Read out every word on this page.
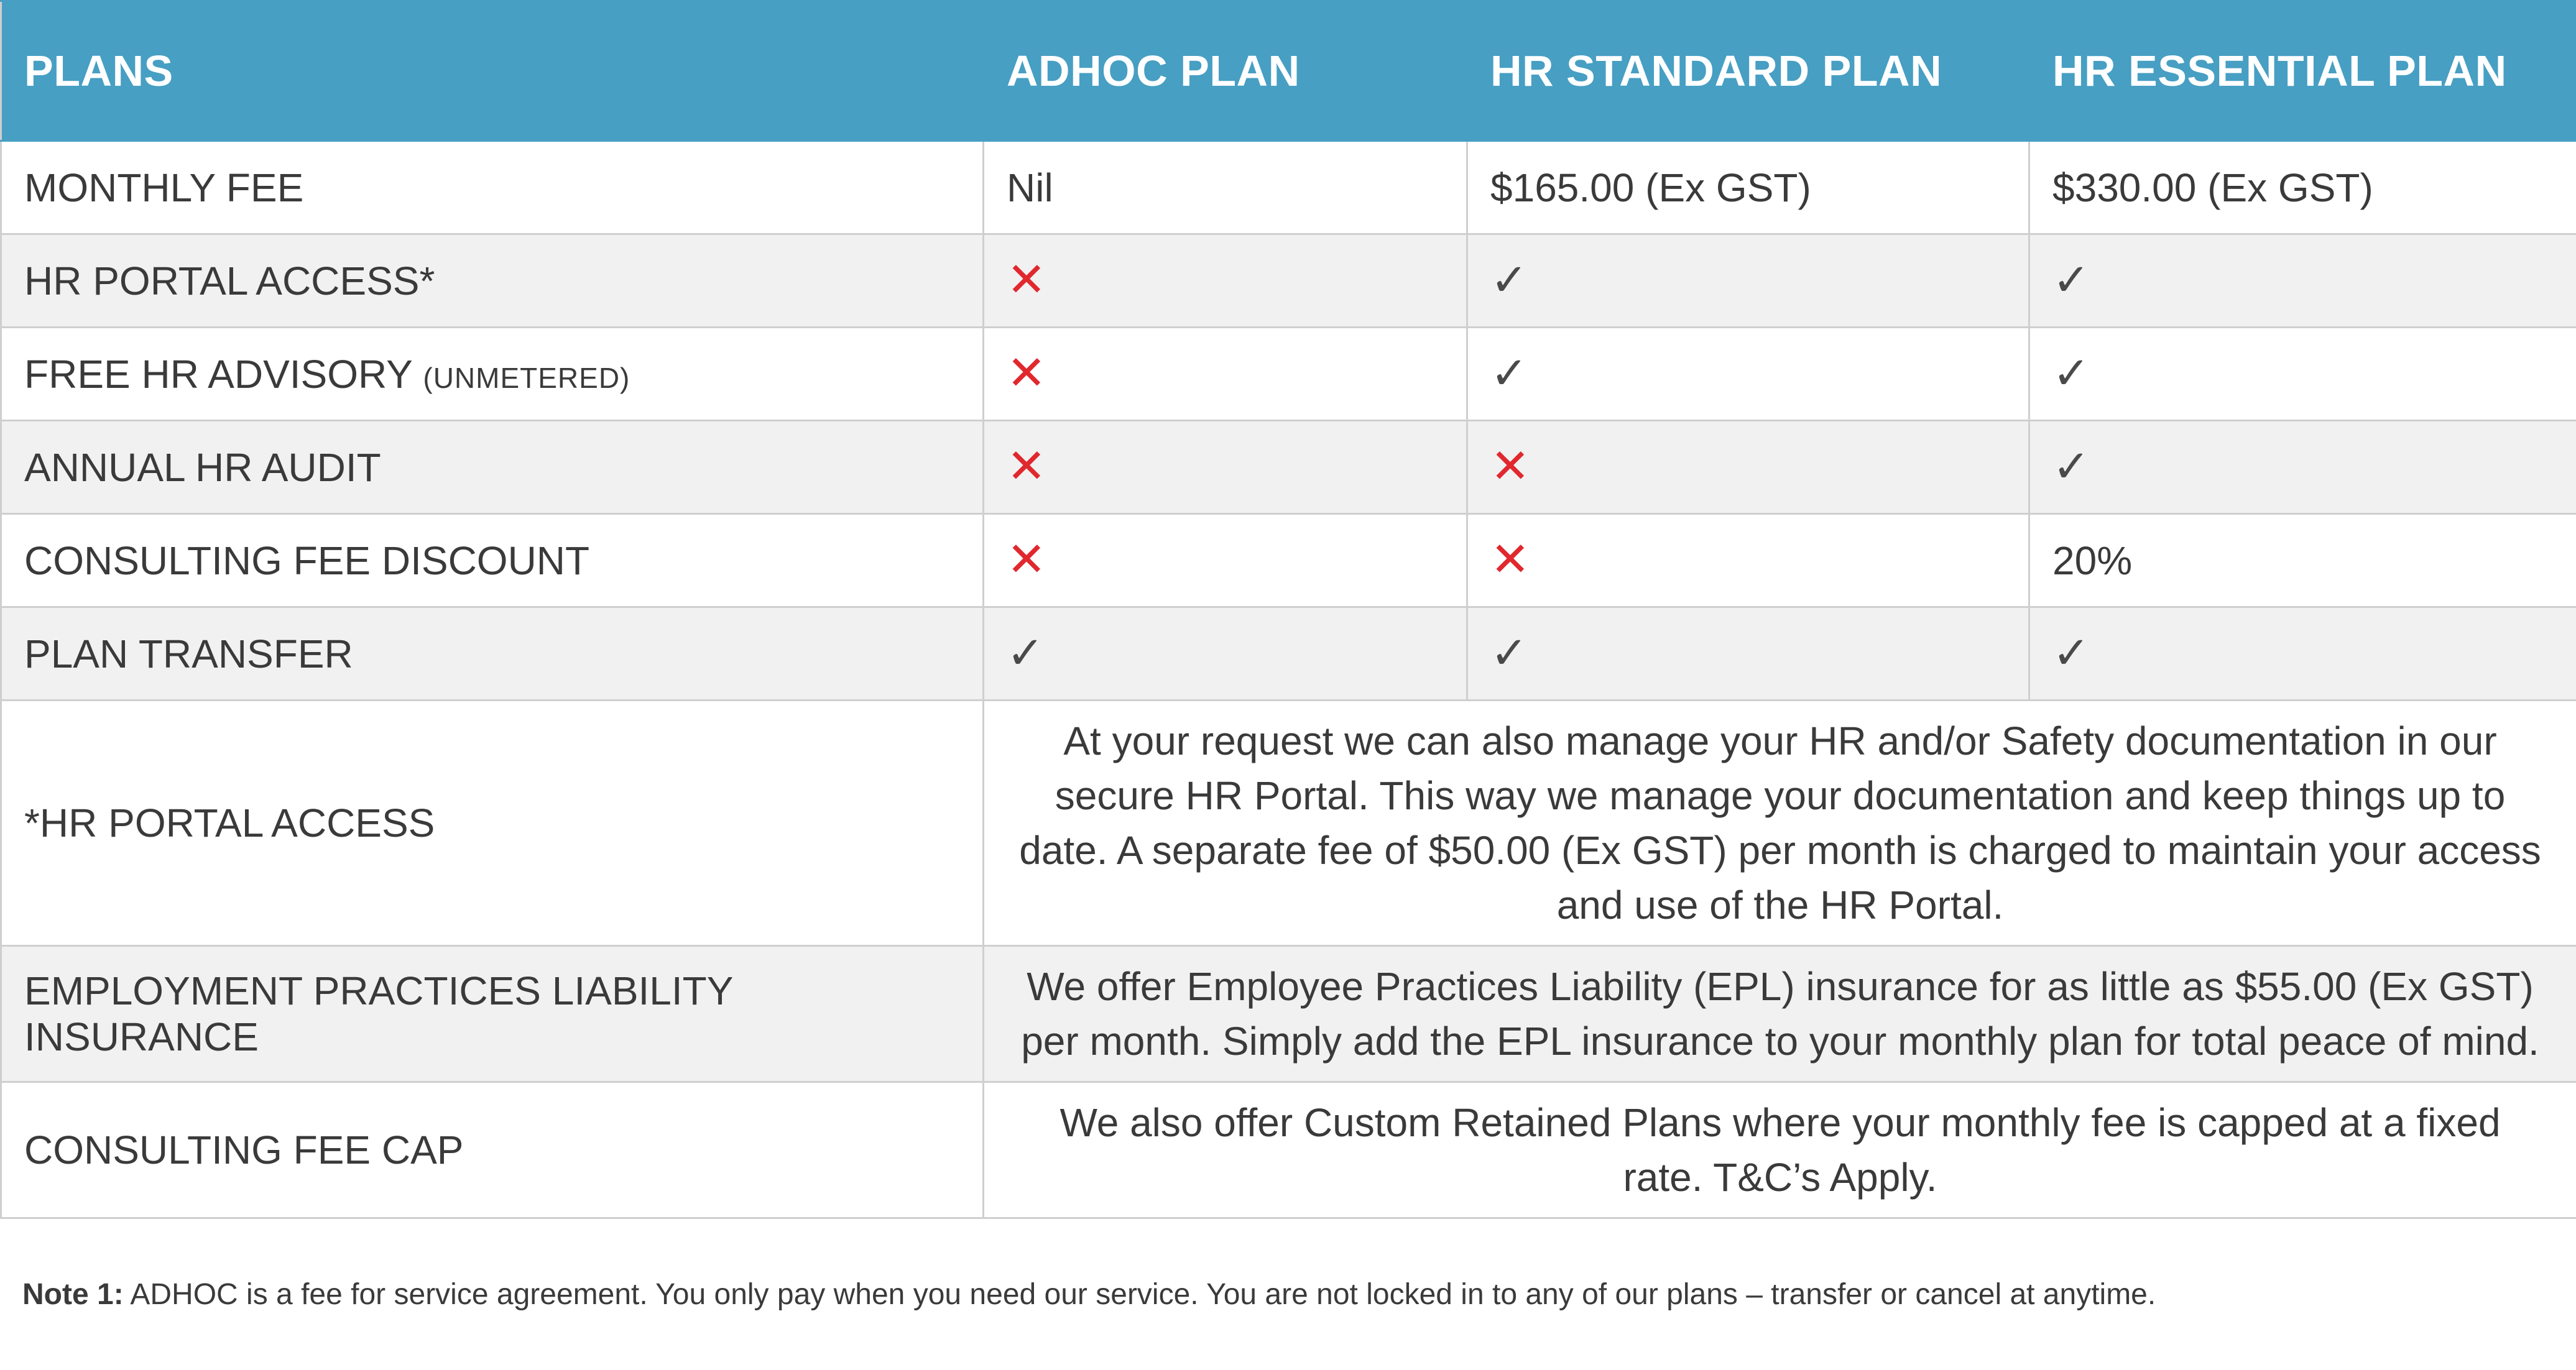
PLANS	ADHOC PLAN	HR STANDARD PLAN	HR ESSENTIAL PLAN
MONTHLY FEE	Nil	$165.00 (Ex GST)	$330.00 (Ex GST)
HR PORTAL ACCESS*	✕	✓	✓
FREE HR ADVISORY (UNMETERED)	✕	✓	✓
ANNUAL HR AUDIT	✕	✕	✓
CONSULTING FEE DISCOUNT	✕	✕	20%
PLAN TRANSFER	✓	✓	✓
*HR PORTAL ACCESS	At your request we can also manage your HR and/or Safety documentation in our secure HR Portal. This way we manage your documentation and keep things up to date. A separate fee of $50.00 (Ex GST) per month is charged to maintain your access and use of the HR Portal.		
EMPLOYMENT PRACTICES LIABILITY INSURANCE	We offer Employee Practices Liability (EPL) insurance for as little as $55.00 (Ex GST) per month. Simply add the EPL insurance to your monthly plan for total peace of mind.		
CONSULTING FEE CAP	We also offer Custom Retained Plans where your monthly fee is capped at a fixed rate. T&C’s Apply.		
Note 1: ADHOC is a fee for service agreement. You only pay when you need our service. You are not locked in to any of our plans – transfer or cancel at anytime.
